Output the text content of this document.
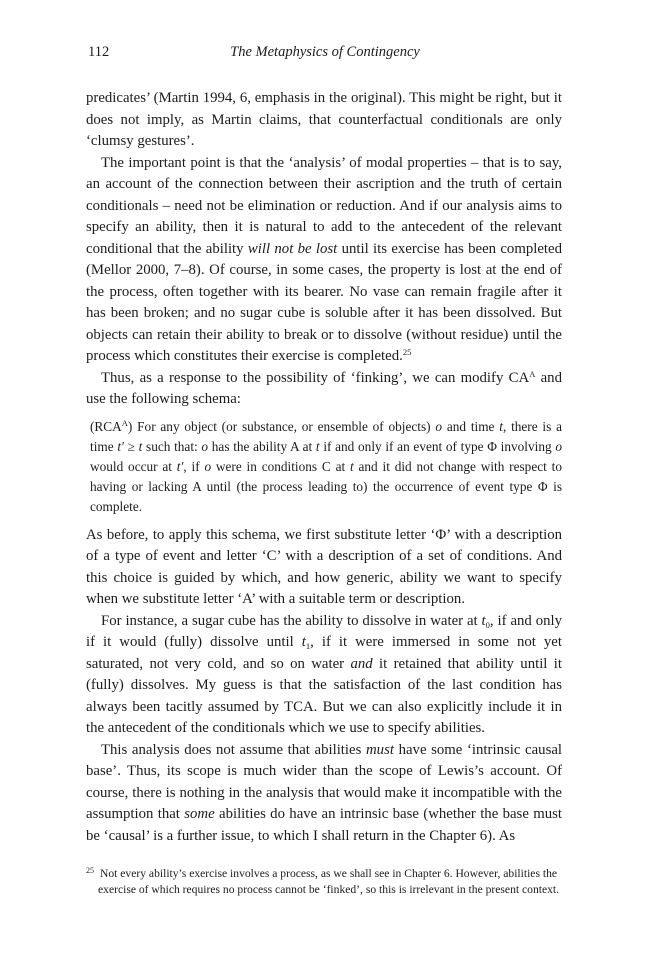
112	The Metaphysics of Contingency

predicates’ (Martin 1994, 6, emphasis in the original). This might be right, but it does not imply, as Martin claims, that counterfactual conditionals are only ‘clumsy gestures’.

The important point is that the ‘analysis’ of modal properties – that is to say, an account of the connection between their ascription and the truth of certain conditionals – need not be elimination or reduction. And if our analysis aims to specify an ability, then it is natural to add to the antecedent of the relevant conditional that the ability will not be lost until its exercise has been completed (Mellor 2000, 7–8). Of course, in some cases, the property is lost at the end of the process, often together with its bearer. No vase can remain fragile after it has been broken; and no sugar cube is soluble after it has been dissolved. But objects can retain their ability to break or to dissolve (without residue) until the process which constitutes their exercise is completed.$^{25}$

Thus, as a response to the possibility of ‘finking’, we can modify $CA^A$ and use the following schema:

$(RCA^A)$ For any object (or substance, or ensemble of objects) o and time t, there is a time t′ ≥ t such that: o has the ability A at t if and only if an event of type Φ involving o would occur at t′, if o were in conditions C at t and it did not change with respect to having or lacking A until (the process leading to) the occurrence of event type Φ is complete.

As before, to apply this schema, we first substitute letter ‘Φ’ with a description of a type of event and letter ‘C’ with a description of a set of conditions. And this choice is guided by which, and how generic, ability we want to specify when we substitute letter ‘A’ with a suitable term or description.

For instance, a sugar cube has the ability to dissolve in water at $t_0$, if and only if it would (fully) dissolve until $t_1$, if it were immersed in some not yet saturated, not very cold, and so on water and it retained that ability until it (fully) dissolves. My guess is that the satisfaction of the last condition has always been tacitly assumed by TCA. But we can also explicitly include it in the antecedent of the conditionals which we use to specify abilities.

This analysis does not assume that abilities must have some ‘intrinsic causal base’. Thus, its scope is much wider than the scope of Lewis’s account. Of course, there is nothing in the analysis that would make it incompatible with the assumption that some abilities do have an intrinsic base (whether the base must be ‘causal’ is a further issue, to which I shall return in the Chapter 6). As

$^{25}$ Not every ability’s exercise involves a process, as we shall see in Chapter 6. However, abilities the
exercise of which requires no process cannot be ‘finked’, so this is irrelevant in the present context.
